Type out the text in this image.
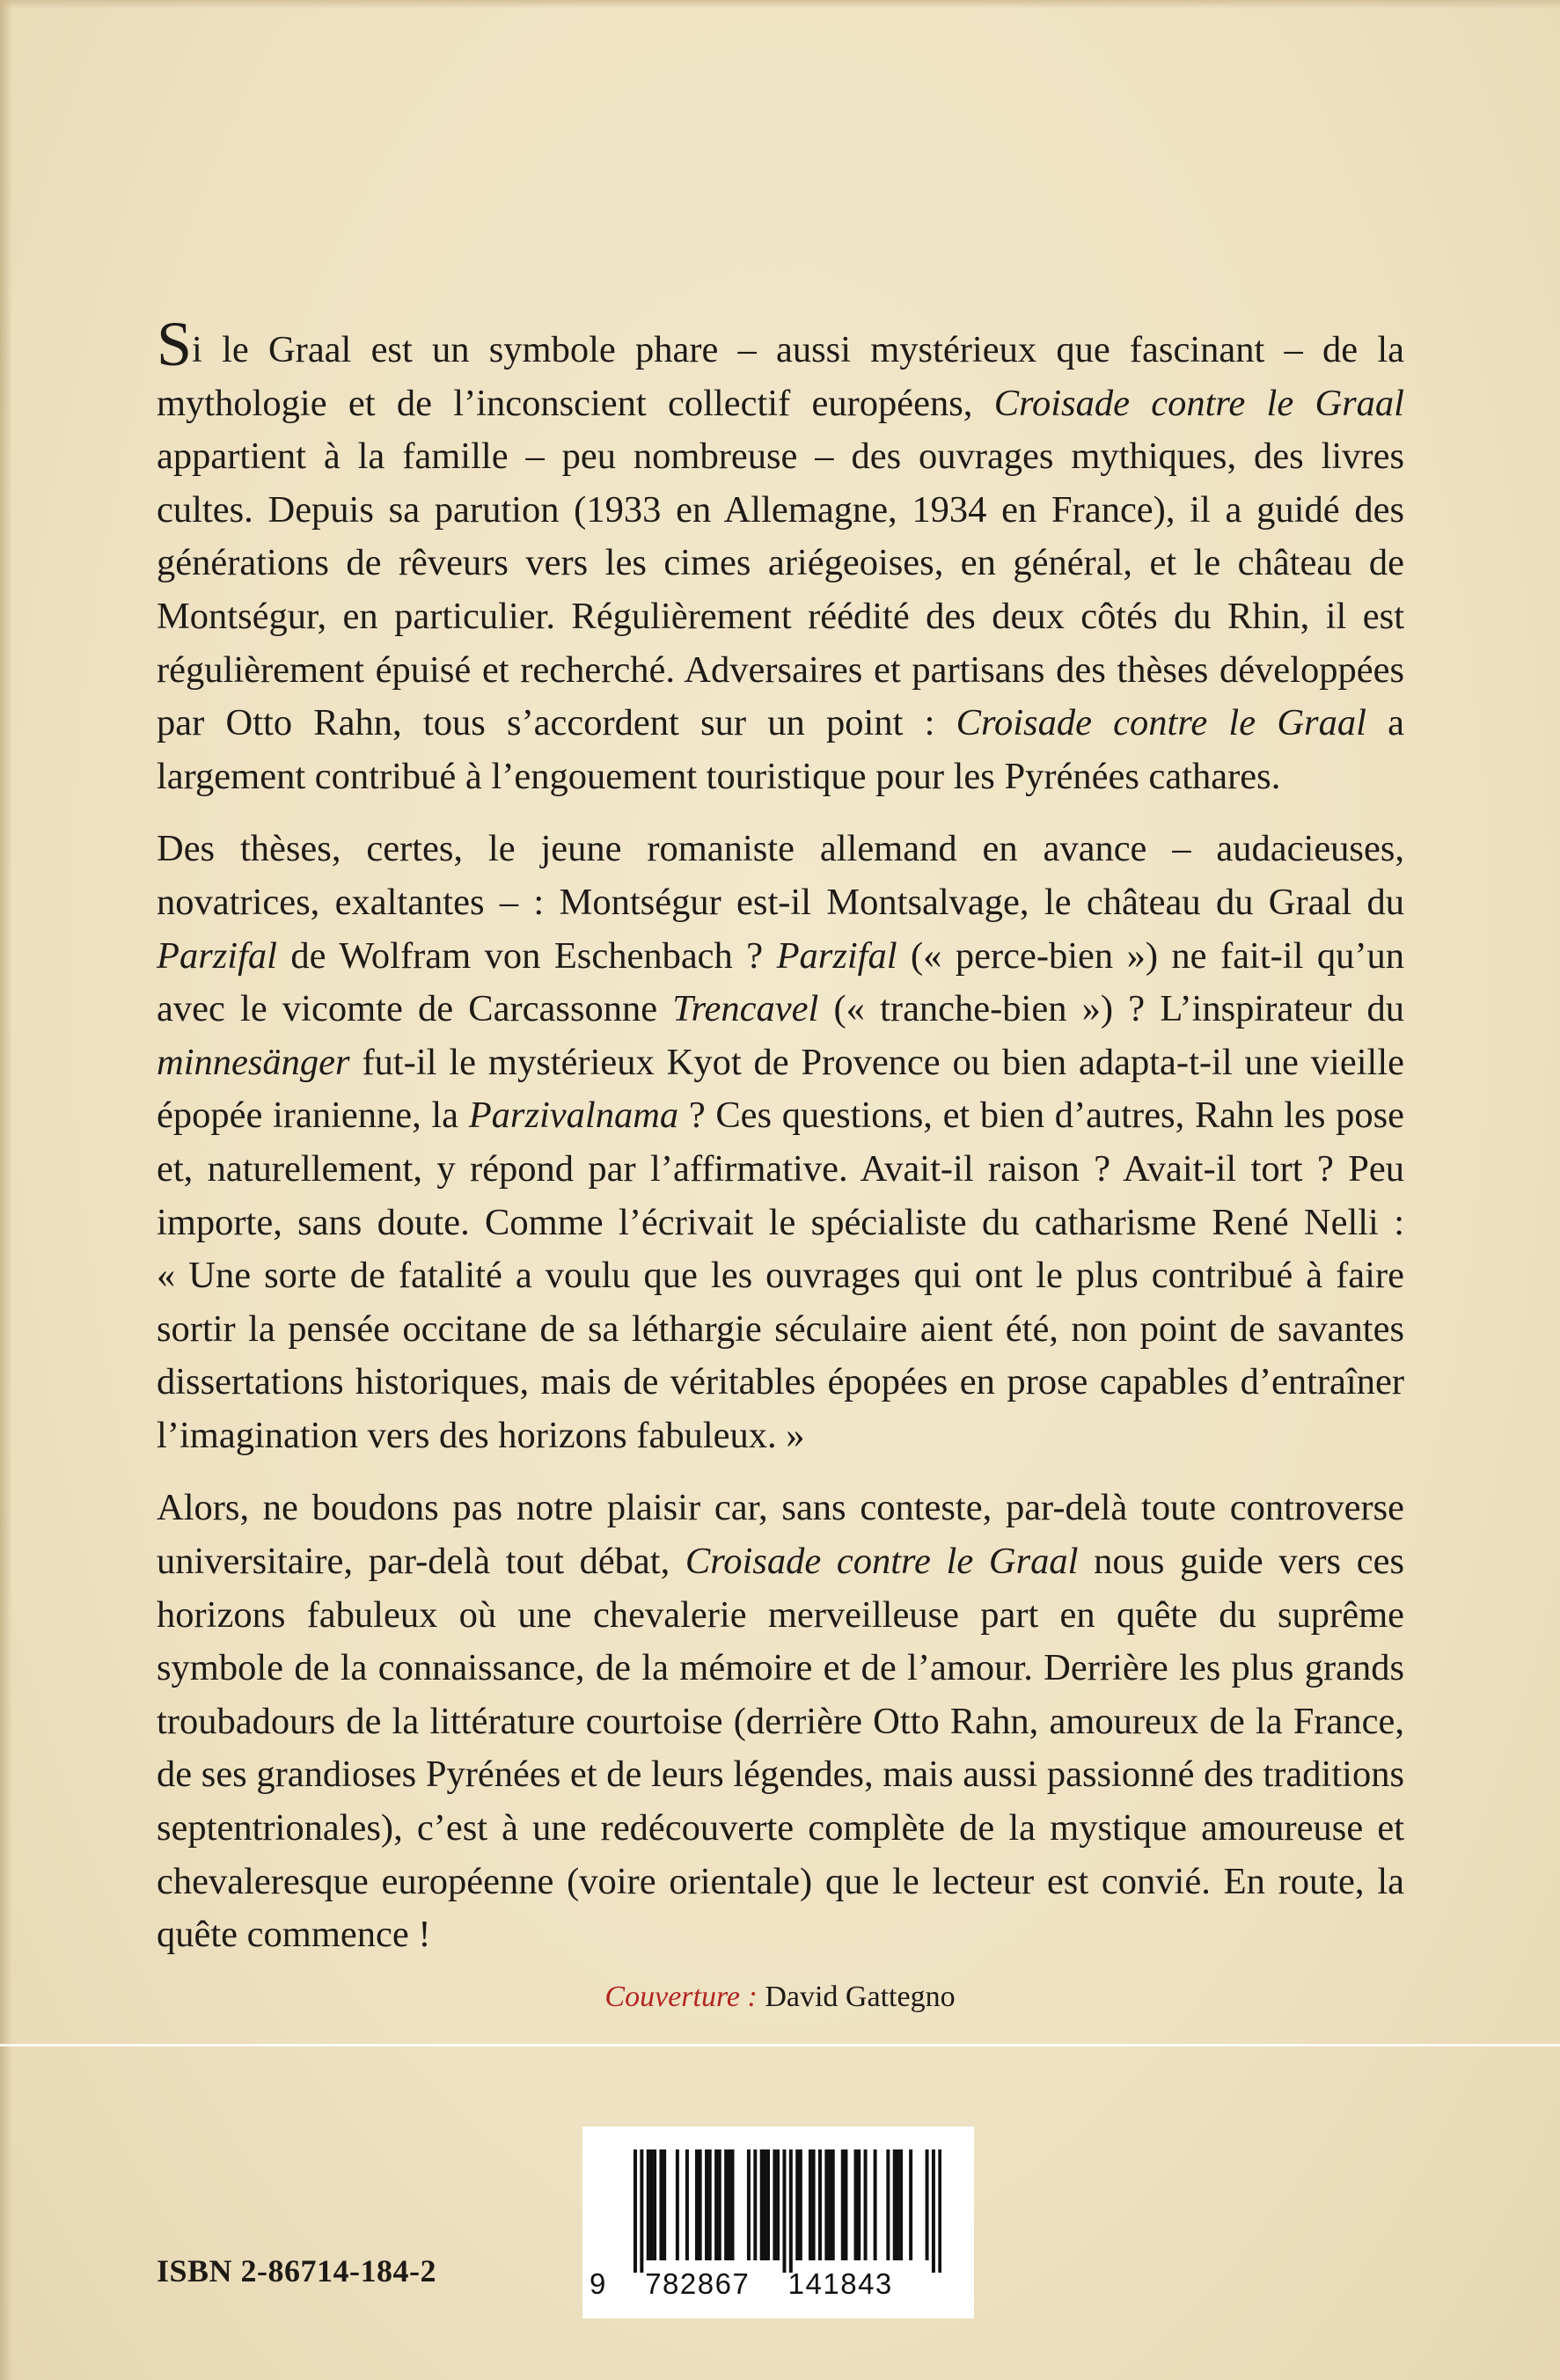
Si le Graal est un symbole phare – aussi mystérieux que fascinant – de la mythologie et de l’inconscient collectif européens, Croisade contre le Graal appartient à la famille – peu nombreuse – des ouvrages mythiques, des livres cultes. Depuis sa parution (1933 en Allemagne, 1934 en France), il a guidé des générations de rêveurs vers les cimes ariégeoises, en général, et le château de Montségur, en particulier. Régulièrement réédité des deux côtés du Rhin, il est régulièrement épuisé et recherché. Adversaires et partisans des thèses développées par Otto Rahn, tous s’accordent sur un point : Croisade contre le Graal a largement contribué à l’engouement touristique pour les Pyrénées cathares.

Des thèses, certes, le jeune romaniste allemand en avance – audacieuses, novatrices, exaltantes – : Montségur est-il Montsalvage, le château du Graal du Parzifal de Wolfram von Eschenbach ? Parzifal (« perce-bien ») ne fait-il qu’un avec le vicomte de Carcassonne Trencavel (« tranche-bien ») ? L’inspirateur du minnesänger fut-il le mystérieux Kyot de Provence ou bien adapta-t-il une vieille épopée iranienne, la Parzivalnama ? Ces questions, et bien d’autres, Rahn les pose et, naturellement, y répond par l’affirmative. Avait-il raison ? Avait-il tort ? Peu importe, sans doute. Comme l’écrivait le spécialiste du catharisme René Nelli : « Une sorte de fatalité a voulu que les ouvrages qui ont le plus contribué à faire sortir la pensée occitane de sa léthargie séculaire aient été, non point de savantes dissertations historiques, mais de véritables épopées en prose capables d’entraîner l’imagination vers des horizons fabuleux. »

Alors, ne boudons pas notre plaisir car, sans conteste, par-delà toute controverse universitaire, par-delà tout débat, Croisade contre le Graal nous guide vers ces horizons fabuleux où une chevalerie merveilleuse part en quête du suprême symbole de la connaissance, de la mémoire et de l’amour. Derrière les plus grands troubadours de la littérature courtoise (derrière Otto Rahn, amoureux de la France, de ses grandioses Pyrénées et de leurs légendes, mais aussi passionné des traditions septentrionales), c’est à une redécouverte complète de la mystique amoureuse et chevaleresque européenne (voire orientale) que le lecteur est convié. En route, la quête commence !

Couverture : David Gattegno
ISBN 2-86714-184-2	9 782867 141843
